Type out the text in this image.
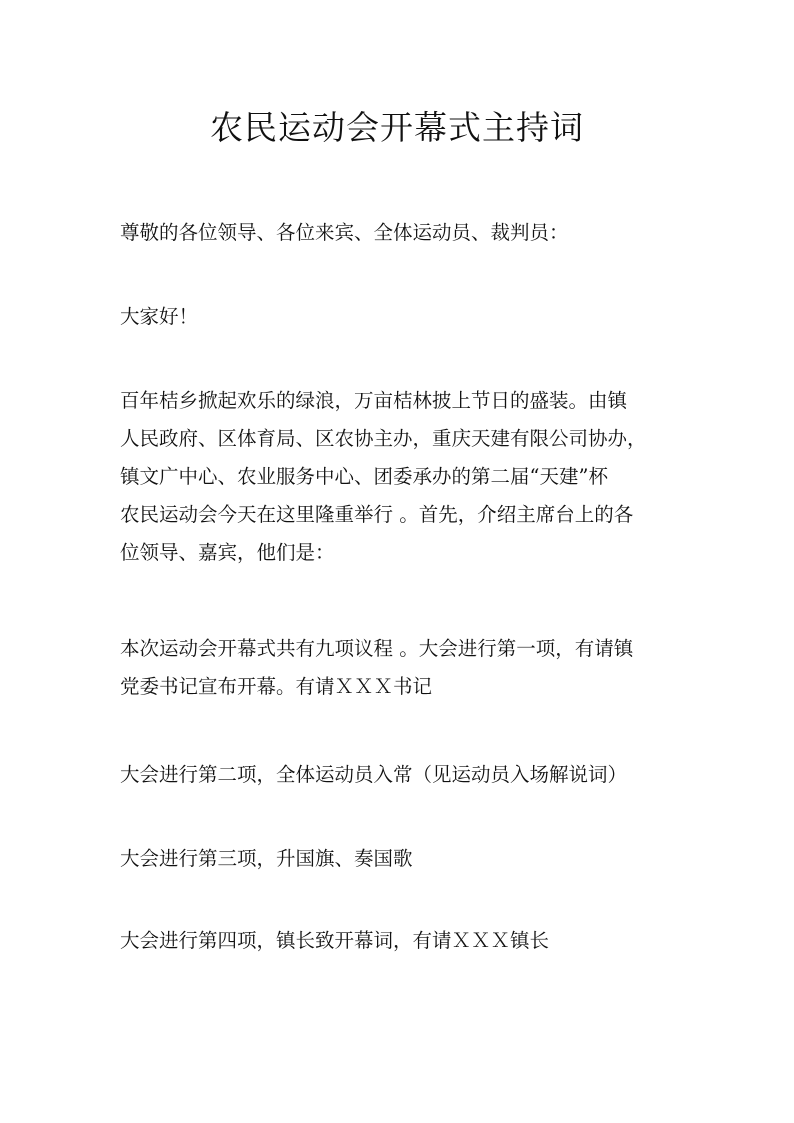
农民运动会开幕式主持词

尊敬的各位领导、各位来宾、全体运动员、裁判员：

大家好！

百年桔乡掀起欢乐的绿浪，万亩桔林披上节日的盛装。由镇
人民政府、区体育局、区农协主办，重庆天建有限公司协办，
镇文广中心、农业服务中心、团委承办的第二届“天建”杯
农民运动会今天在这里隆重举行 。首先，介绍主席台上的各
位领导、嘉宾，他们是：

本次运动会开幕式共有九项议程 。大会进行第一项，有请镇
党委书记宣布开幕。有请ＸＸＸ书记

大会进行第二项，全体运动员入常（见运动员入场解说词）

大会进行第三项，升国旗、奏国歌

大会进行第四项，镇长致开幕词，有请ＸＸＸ镇长
